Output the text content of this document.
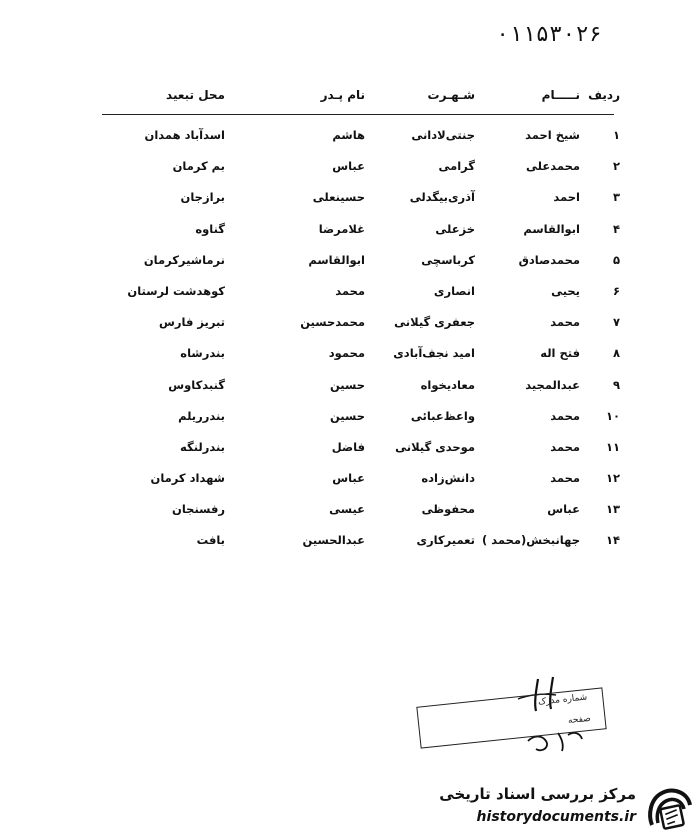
۰۱۱۵۳۰۲۶
ردیف
نـــــام
شـهـرت
نام پـدر
محل تبعید
۱
شیخ احمد
جنتی‌لادانی
هاشم
اسدآباد همدان
۲
محمدعلی
گرامی
عباس
بم کرمان
۳
احمد
آذری‌بیگدلی
حسینعلی
برازجان
۴
ابوالقاسم
خزعلی
غلامرضا
گناوه
۵
محمدصادق
کرباسچی
ابوالقاسم
نرماشیرکرمان
۶
یحیی
انصاری
محمد
کوهدشت لرستان
۷
محمد
جعفری گیلانی
محمدحسین
تبریز فارس
۸
فتح اله
امید نجف‌آبادی
محمود
بندرشاه
۹
عبدالمجید
معادیخواه
حسین
گنبدکاوس
۱۰
محمد
واعظ‌عبائی
حسین
بندرریلم
۱۱
محمد
موحدی گیلانی
فاضل
بندرلنگه
۱۲
محمد
دانش‌زاده
عباس
شهداد کرمان
۱۳
عباس
محفوظی
عیسی
رفسنجان
۱۴
جهانبخش(محمد )
تعمیرکاری
عبدالحسین
بافت
شماره مدرک
صفحه
مرکز بررسی اسناد تاریخی
historydocuments.ir
